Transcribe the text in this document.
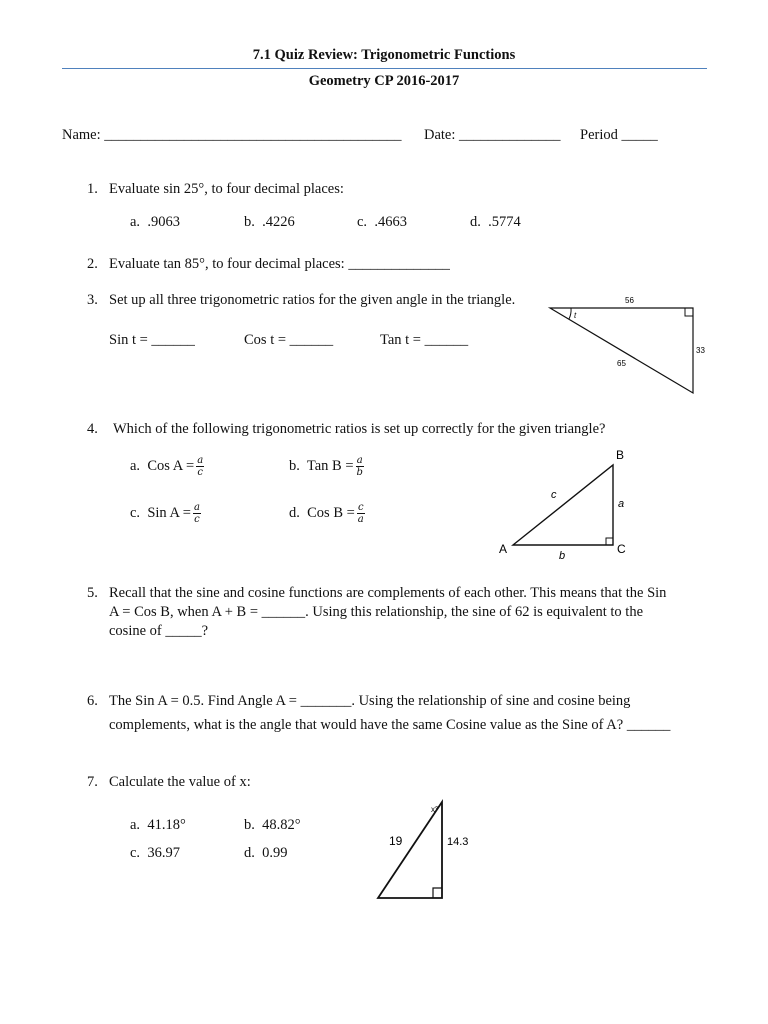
7.1 Quiz Review: Trigonometric Functions
Geometry CP 2016-2017
Name: _________________________________________ Date: ______________ Period _____
1. Evaluate sin 25°, to four decimal places:
a. .9063	b. .4226	c. .4663	d. .5774
2. Evaluate tan 85°, to four decimal places: ______________
3. Set up all three trigonometric ratios for the given angle in the triangle.
Sin t = ______	Cos t = ______	Tan t = ______
t
56
33
65
4. Which of the following trigonometric ratios is set up correctly for the given triangle?
a. Cos $A = \frac{a}{c}$	b. Tan $B = \frac{a}{b}$
c. Sin $A = \frac{a}{c}$	d. Cos $B = \frac{c}{a}$
B
A	C
a
b
c
5. Recall that the sine and cosine functions are complements of each other. This means that the Sin
A = Cos B, when A + B = ______. Using this relationship, the sine of 62 is equivalent to the
cosine of _____?
6. The Sin A = 0.5. Find Angle A = _______. Using the relationship of sine and cosine being
complements, what is the angle that would have the same Cosine value as the Sine of A? ______
7. Calculate the value of x:
a. 41.18°	b. 48.82°
c. 36.97	d. 0.99
x°
19	14.3
